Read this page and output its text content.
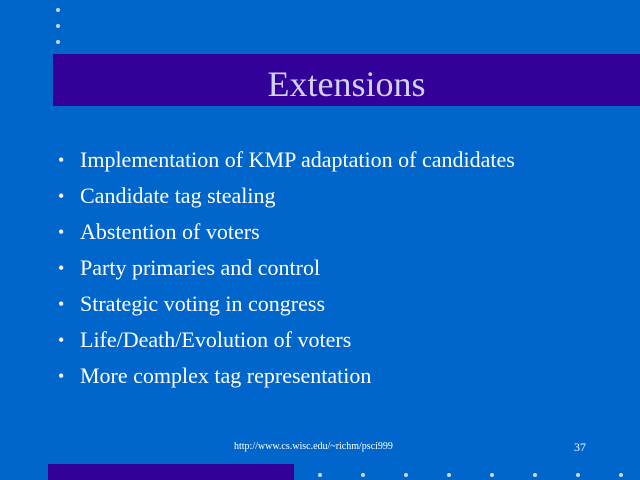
Extensions
• Implementation of KMP adaptation of candidates
• Candidate tag stealing
• Abstention of voters
• Party primaries and control
• Strategic voting in congress
• Life/Death/Evolution of voters
• More complex tag representation
http://www.cs.wisc.edu/~richm/psci999	37
